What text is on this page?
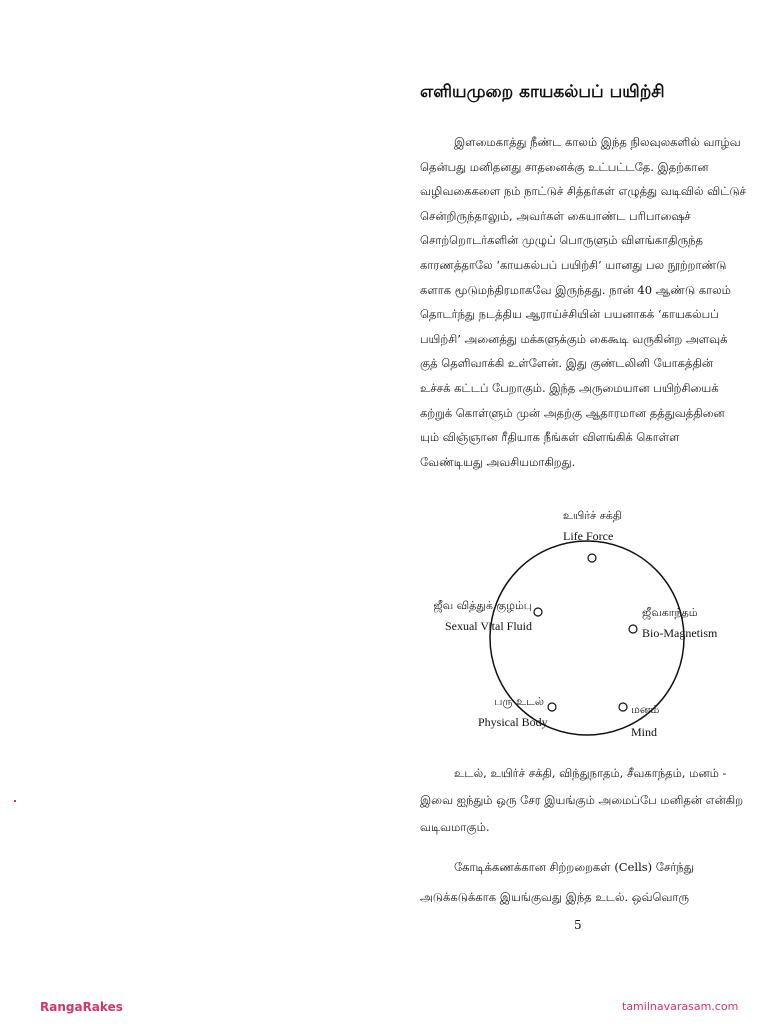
எளியமுறை காயகல்பப் பயிற்சி
இளமைகாத்து நீண்ட காலம் இந்த நிலவுலகளில் வாழ்வ
தென்பது மனிதனது சாதனைக்கு உட்பட்டதே. இதற்கான
வழிவகைகளை நம் நாட்டுச் சித்தர்கள் எழுத்து வடிவில் விட்டுச்
சென்றிருந்தாலும், அவர்கள் கையாண்ட பரிபாஷைச்
சொற்றொடர்களின் முழுப் பொருளும் விளங்காதிருந்த
காரணத்தாலே ‘காயகல்பப் பயிற்சி’ யானது பல நூற்றாண்டு
களாக மூடுமந்திரமாகவே இருந்தது. நான் 40 ஆண்டு காலம்
தொடர்ந்து நடத்திய ஆராய்ச்சியின் பயனாகக் ‘காயகல்பப்
பயிற்சி’ அனைத்து மக்களுக்கும் கைகூடி வருகின்ற அளவுக்
குத் தெளிவாக்கி உள்ளேன். இது குண்டலினி யோகத்தின்
உச்சக் கட்டப் பேறாகும். இந்த அருமையான பயிற்சியைக்
கற்றுக் கொள்ளும் முன் அதற்கு ஆதாரமான தத்துவத்தினை
யும் விஞ்ஞான ரீதியாக நீங்கள் விளங்கிக் கொள்ள
வேண்டியது அவசியமாகிறது.
உயிர்ச் சக்தி
Life Force
ஜீவகாந்தம்
Bio-Magnetism
மனம்
Mind
பரு உடல்
Physical Body
ஜீவ வித்துக் குழம்பு
Sexual Vital Fluid
உடல், உயிர்ச் சக்தி, விந்துநாதம், சீவகாந்தம், மனம் -
இவை ஐந்தும் ஒரு சேர இயங்கும் அமைப்பே மனிதன் என்கிற
வடிவமாகும்.
கோடிக்கணக்கான சிற்றறைகள் (Cells) சேர்ந்து
அடுக்கடுக்காக இயங்குவது இந்த உடல். ஒவ்வொரு
5
RangaRakes	tamilnavarasam.com
